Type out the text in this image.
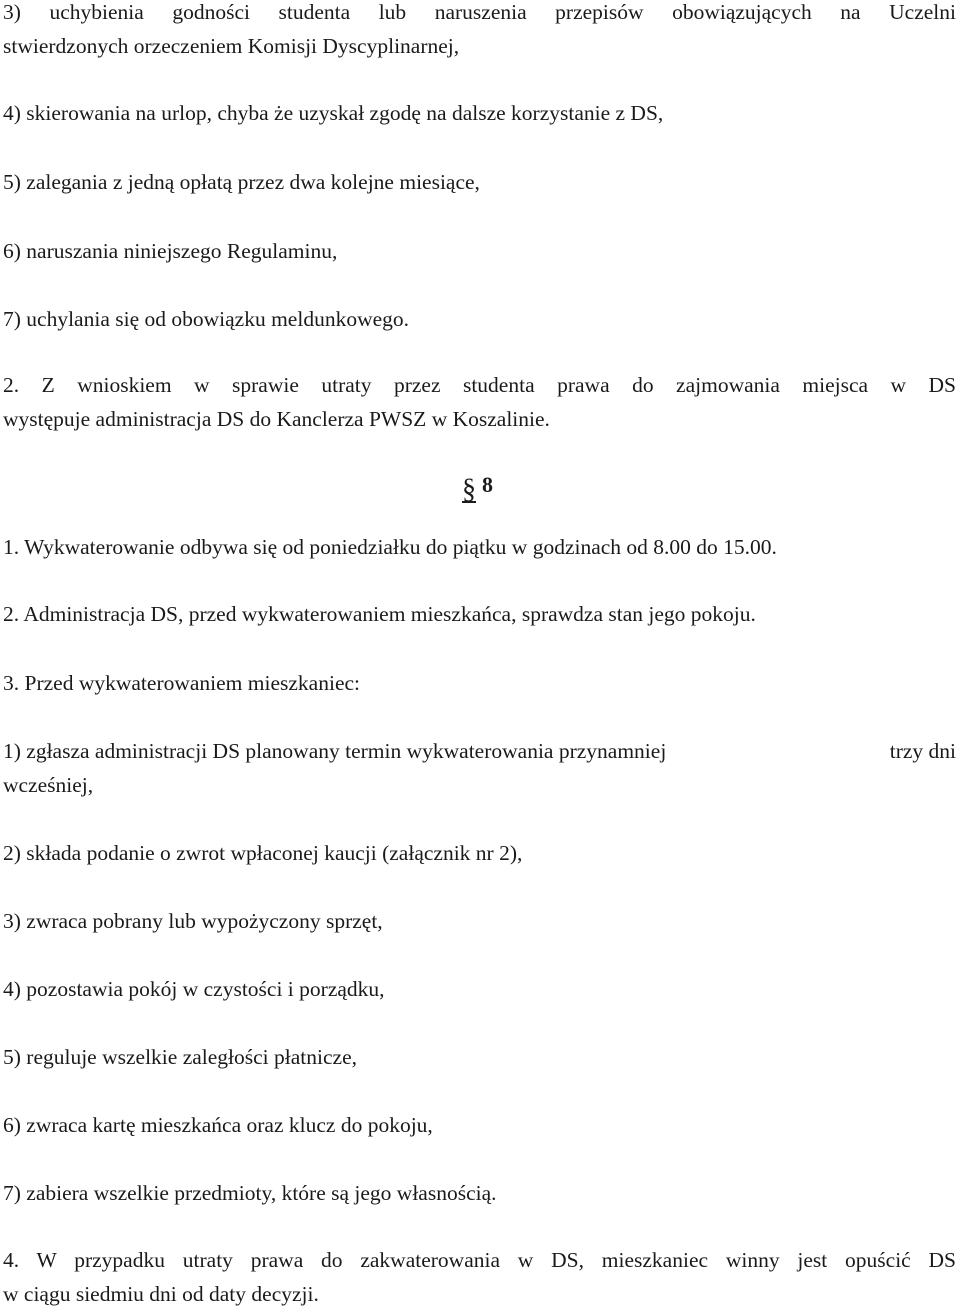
3) uchybienia godności studenta lub naruszenia przepisów obowiązujących na Uczelni
stwierdzonych orzeczeniem Komisji Dyscyplinarnej,
4) skierowania na urlop, chyba że uzyskał zgodę na dalsze korzystanie z DS,
5) zalegania z jedną opłatą przez dwa kolejne miesiące,
6) naruszania niniejszego Regulaminu,
7) uchylania się od obowiązku meldunkowego.
2. Z wnioskiem w sprawie utraty przez studenta prawa do zajmowania miejsca w DS
występuje administracja DS do Kanclerza PWSZ w Koszalinie.
§ 8
1. Wykwaterowanie odbywa się od poniedziałku do piątku w godzinach od 8.00 do 15.00.
2. Administracja DS, przed wykwaterowaniem mieszkańca, sprawdza stan jego pokoju.
3. Przed wykwaterowaniem mieszkaniec:
1) zgłasza administracji DS planowany termin wykwaterowania przynamniej	trzy dni
wcześniej,
2) składa podanie o zwrot wpłaconej kaucji (załącznik nr 2),
3) zwraca pobrany lub wypożyczony sprzęt,
4) pozostawia pokój w czystości i porządku,
5) reguluje wszelkie zaległości płatnicze,
6) zwraca kartę mieszkańca oraz klucz do pokoju,
7) zabiera wszelkie przedmioty, które są jego własnością.
4. W przypadku utraty prawa do zakwaterowania w DS, mieszkaniec winny jest opuścić DS
w ciągu siedmiu dni od daty decyzji.
